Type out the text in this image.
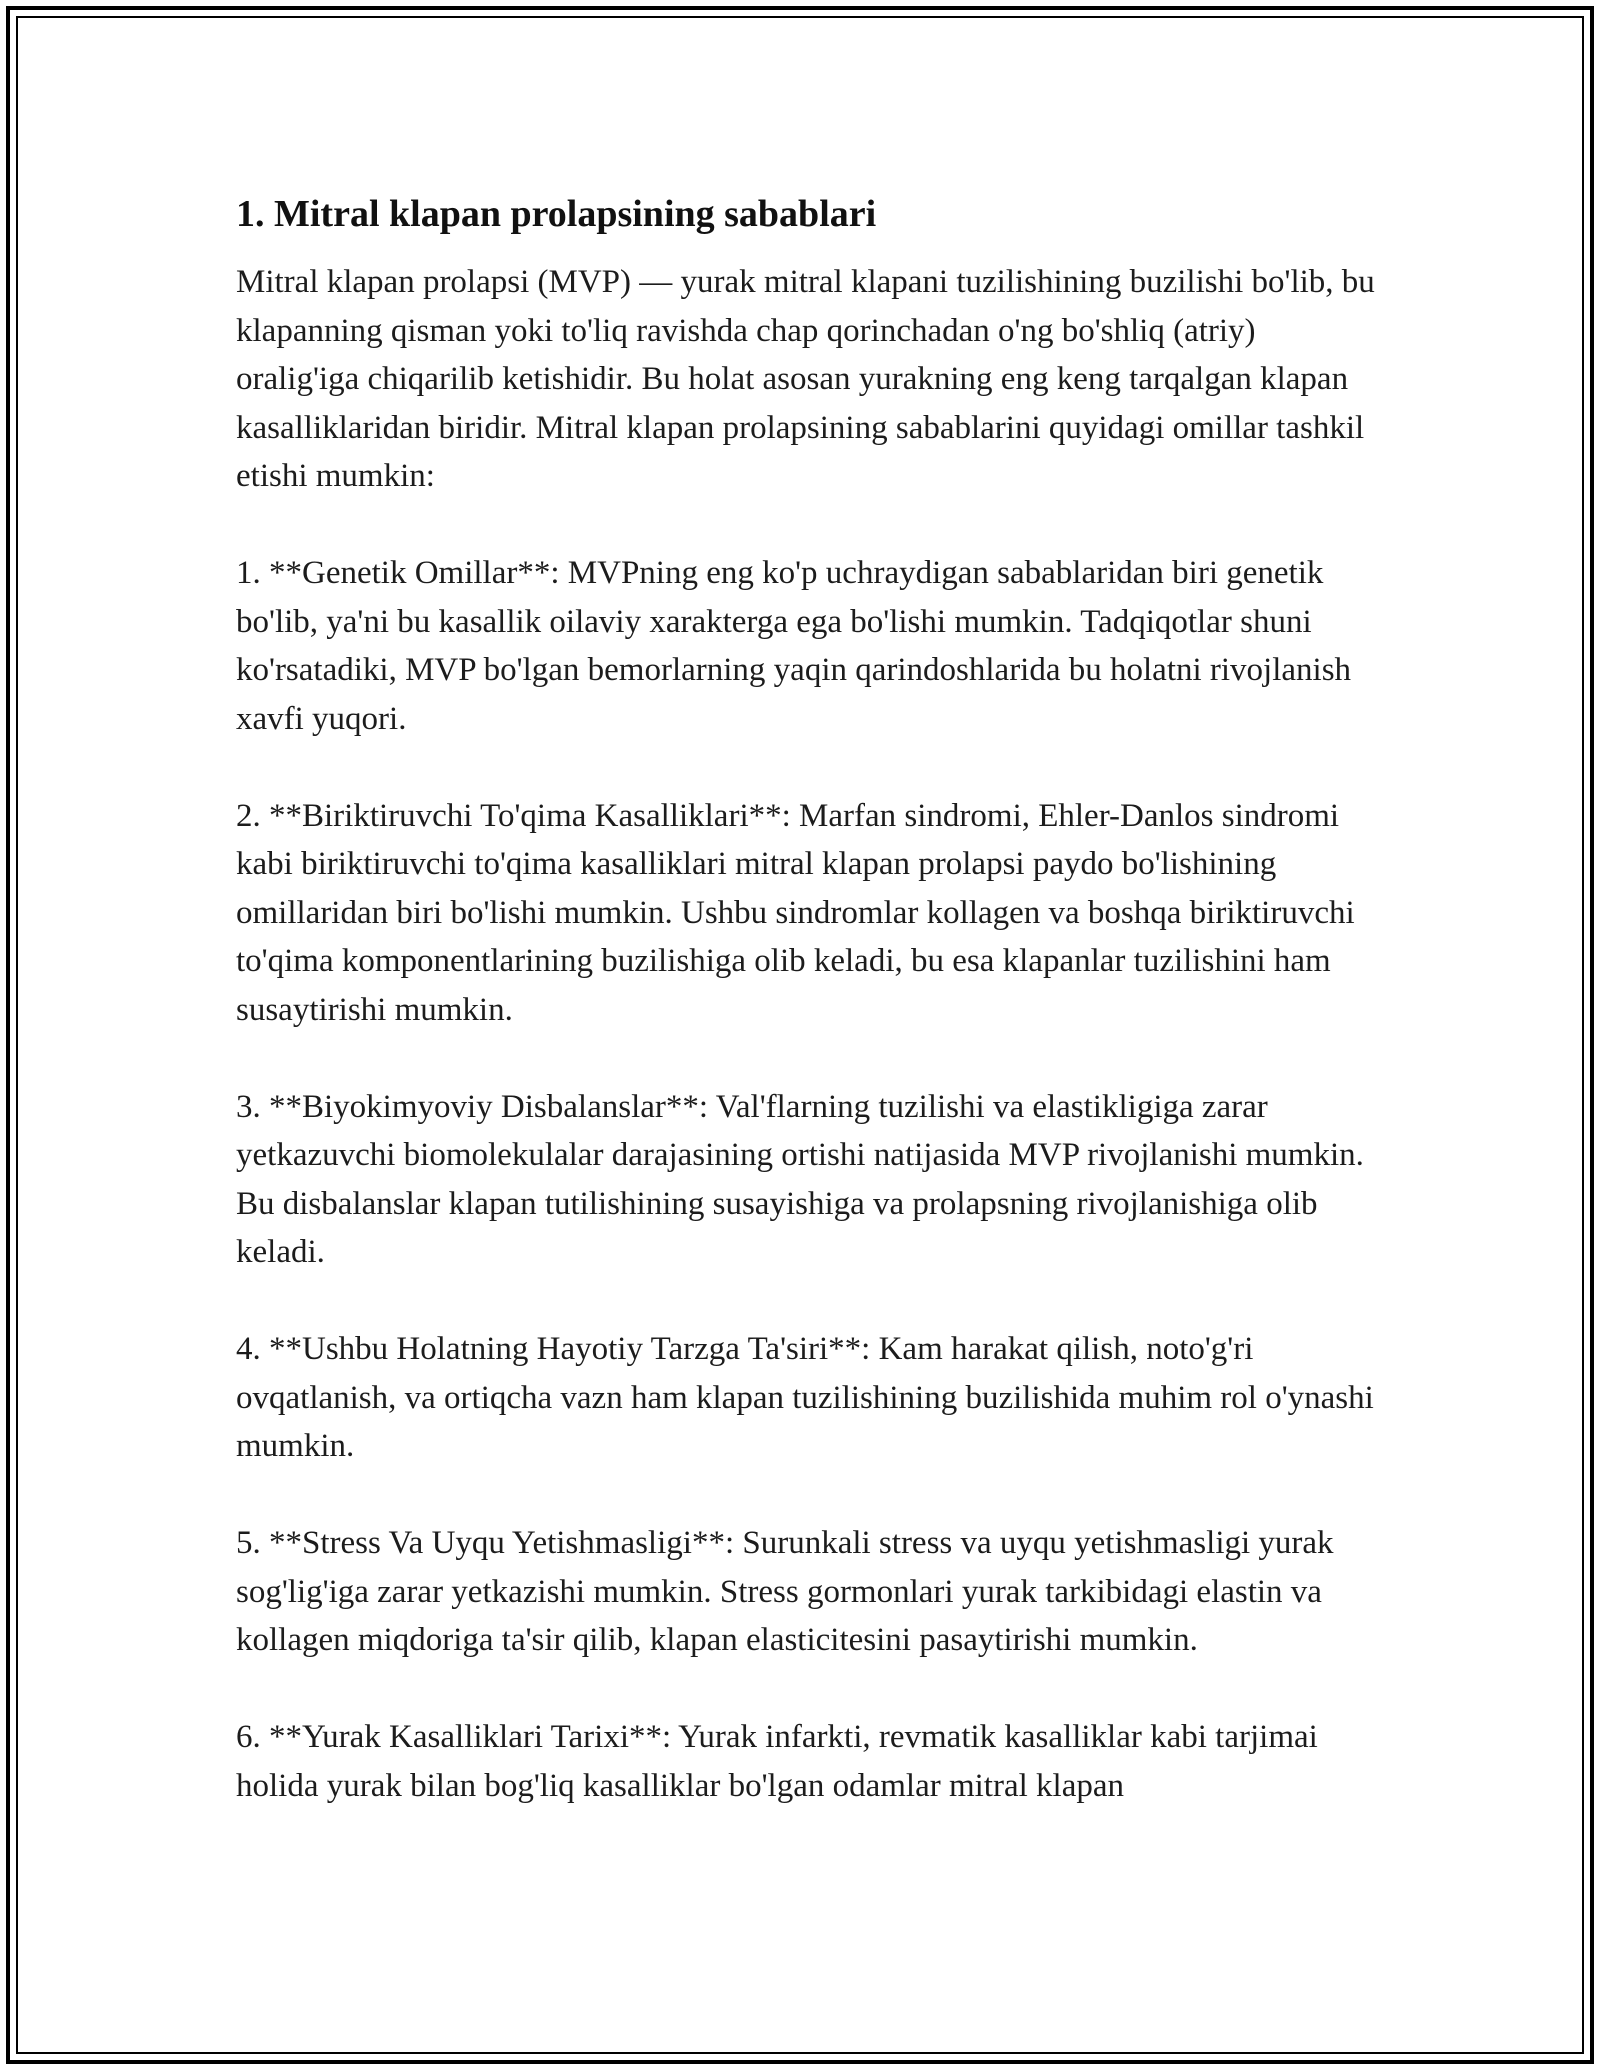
1. Mitral klapan prolapsining sabablari

Mitral klapan prolapsi (MVP) — yurak mitral klapani tuzilishining buzilishi bo'lib, bu klapanning qisman yoki to'liq ravishda chap qorinchadan o'ng bo'shliq (atriy) oralig'iga chiqarilib ketishidir. Bu holat asosan yurakning eng keng tarqalgan klapan kasalliklaridan biridir. Mitral klapan prolapsining sabablarini quyidagi omillar tashkil etishi mumkin:

1. **Genetik Omillar**: MVPning eng ko'p uchraydigan sabablaridan biri genetik bo'lib, ya'ni bu kasallik oilaviy xarakterga ega bo'lishi mumkin. Tadqiqotlar shuni ko'rsatadiki, MVP bo'lgan bemorlarning yaqin qarindoshlarida bu holatni rivojlanish xavfi yuqori.

2. **Biriktiruvchi To'qima Kasalliklari**: Marfan sindromi, Ehler-Danlos sindromi kabi biriktiruvchi to'qima kasalliklari mitral klapan prolapsi paydo bo'lishining omillaridan biri bo'lishi mumkin. Ushbu sindromlar kollagen va boshqa biriktiruvchi to'qima komponentlarining buzilishiga olib keladi, bu esa klapanlar tuzilishini ham susaytirishi mumkin.

3. **Biyokimyoviy Disbalanslar**: Val'flarning tuzilishi va elastikligiga zarar yetkazuvchi biomolekulalar darajasining ortishi natijasida MVP rivojlanishi mumkin. Bu disbalanslar klapan tutilishining susayishiga va prolapsning rivojlanishiga olib keladi.

4. **Ushbu Holatning Hayotiy Tarzga Ta'siri**: Kam harakat qilish, noto'g'ri ovqatlanish, va ortiqcha vazn ham klapan tuzilishining buzilishida muhim rol o'ynashi mumkin.

5. **Stress Va Uyqu Yetishmasligi**: Surunkali stress va uyqu yetishmasligi yurak sog'lig'iga zarar yetkazishi mumkin. Stress gormonlari yurak tarkibidagi elastin va kollagen miqdoriga ta'sir qilib, klapan elasticitesini pasaytirishi mumkin.

6. **Yurak Kasalliklari Tarixi**: Yurak infarkti, revmatik kasalliklar kabi tarjimai holida yurak bilan bog'liq kasalliklar bo'lgan odamlar mitral klapan
